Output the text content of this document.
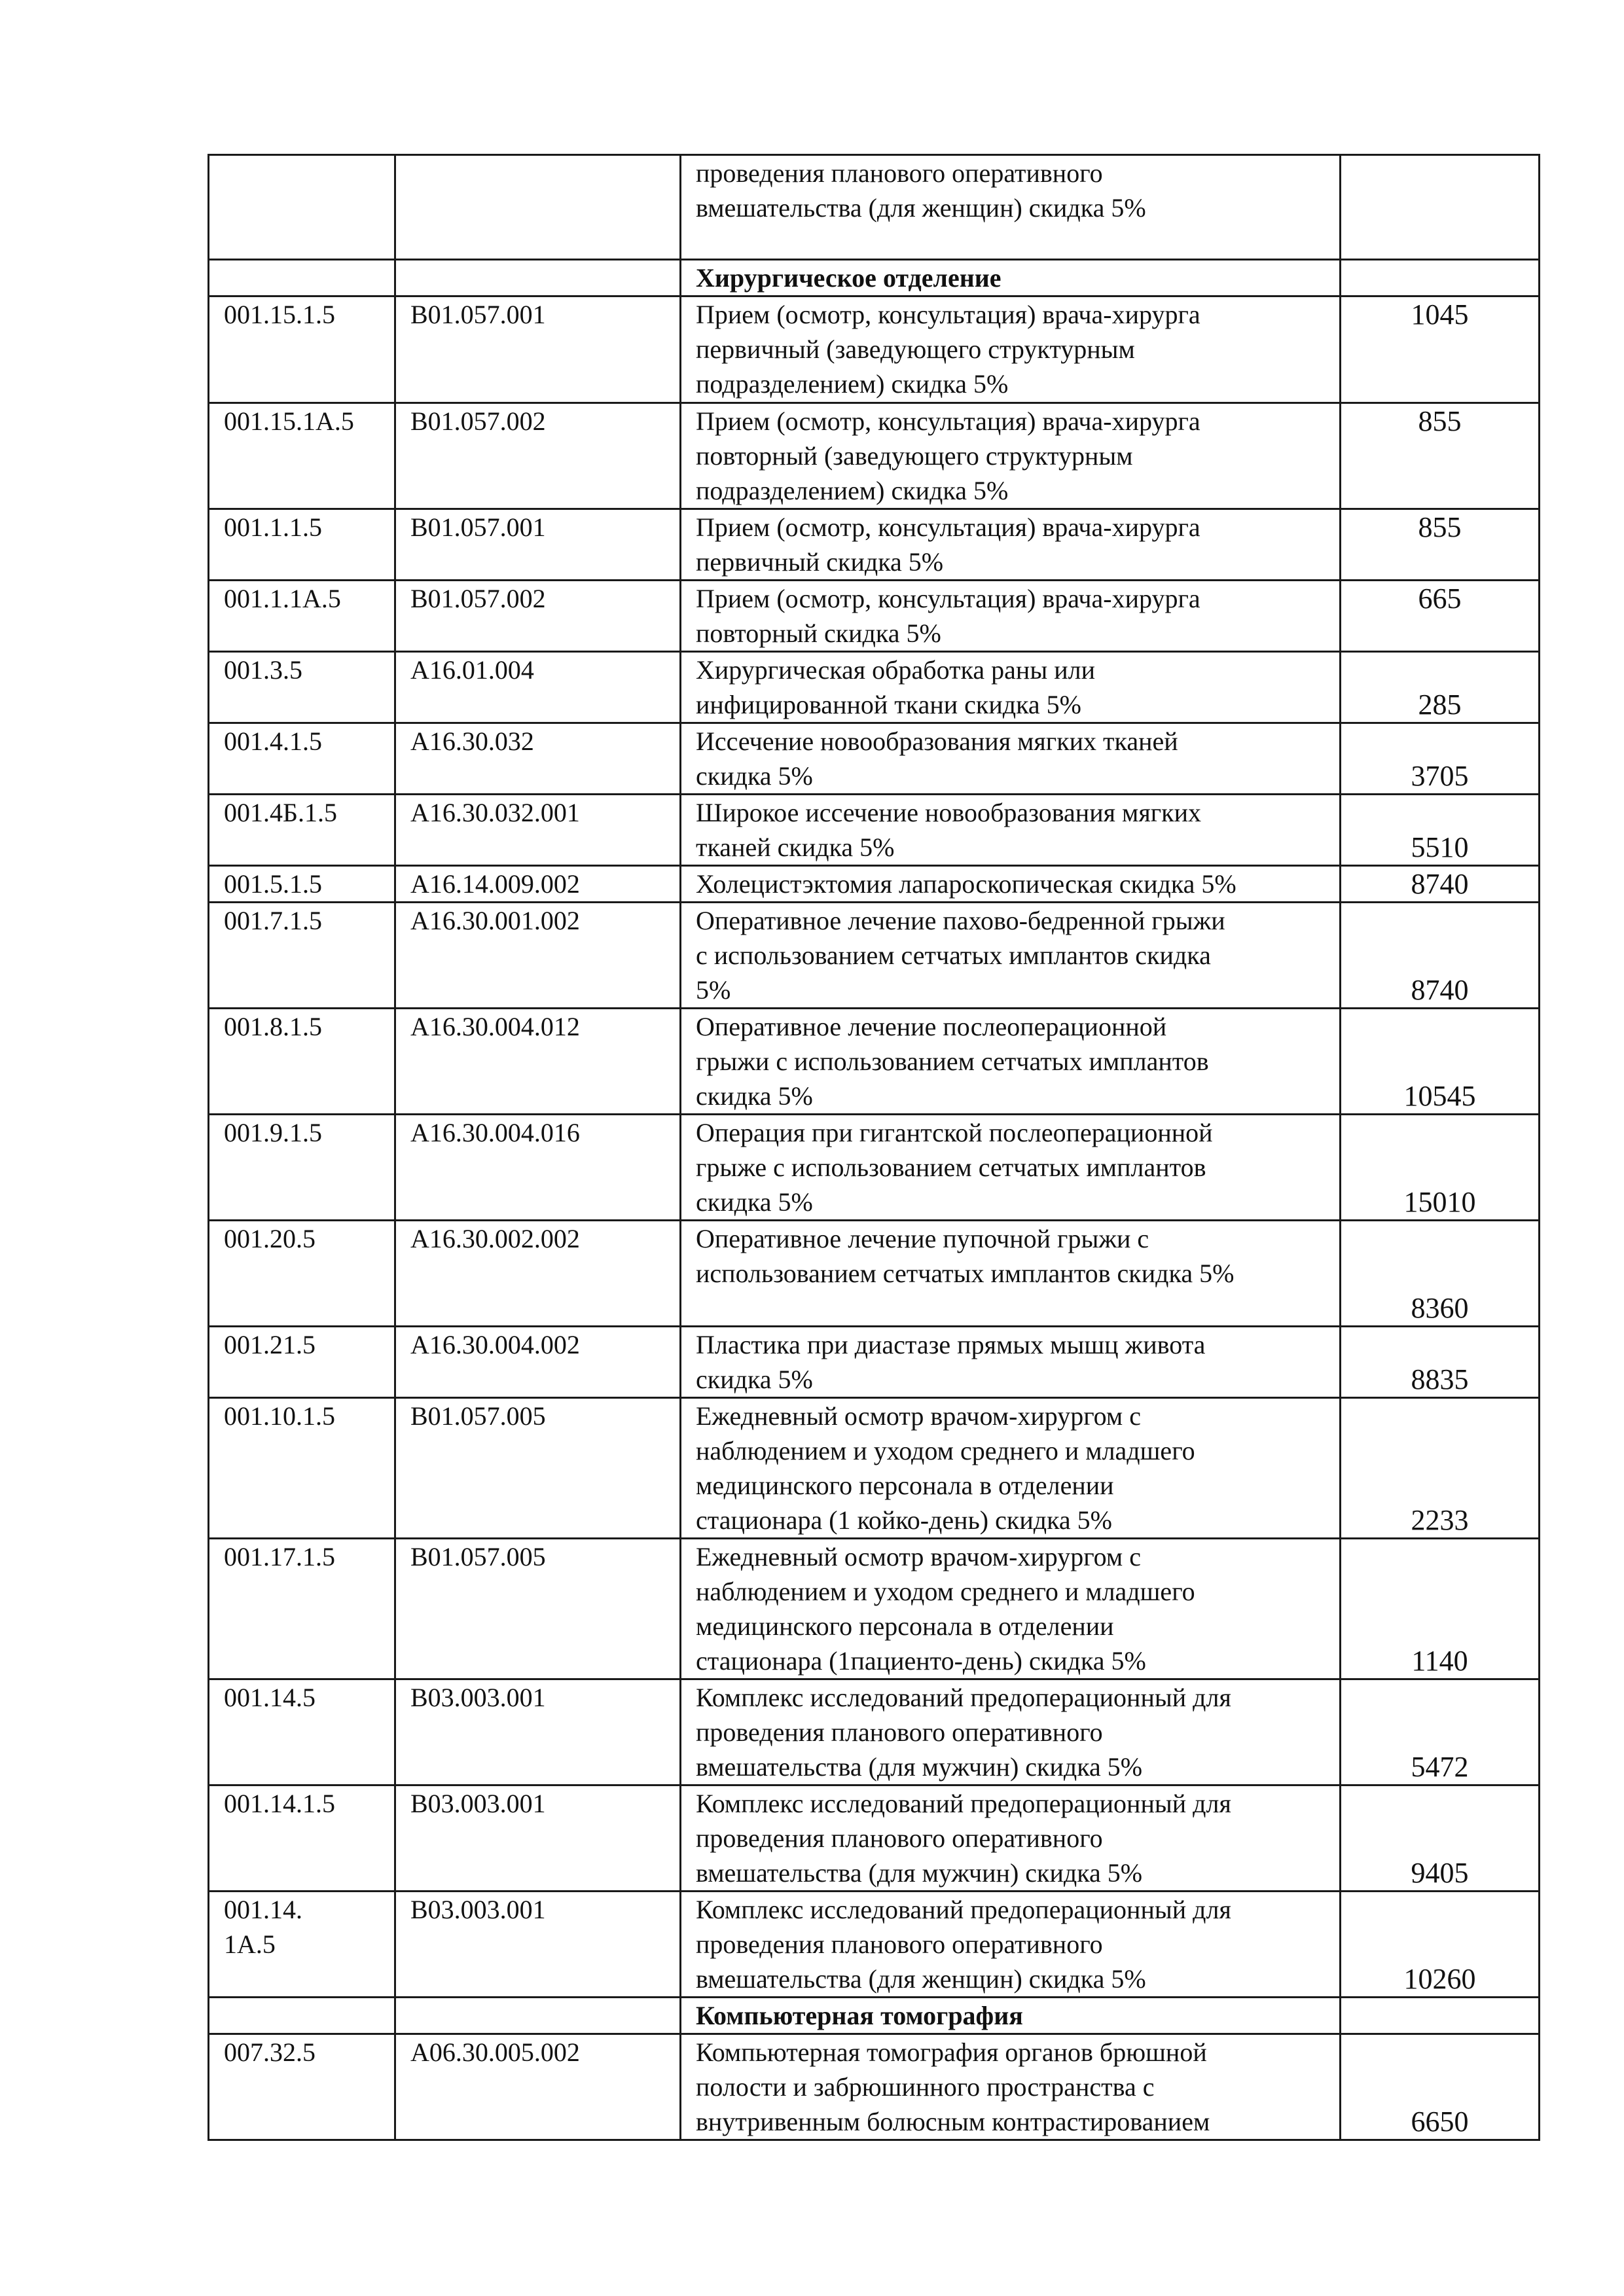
		проведения планового оперативного
вмешательства (для женщин) скидка 5%	
		Хирургическое отделение	
001.15.1.5	B01.057.001	Прием (осмотр, консультация) врача-хирурга
первичный (заведующего структурным
подразделением) скидка 5%	1045
001.15.1А.5	B01.057.002	Прием (осмотр, консультация) врача-хирурга
повторный (заведующего структурным
подразделением) скидка 5%	855
001.1.1.5	B01.057.001	Прием (осмотр, консультация) врача-хирурга
первичный скидка 5%	855
001.1.1А.5	B01.057.002	Прием (осмотр, консультация) врача-хирурга
повторный скидка 5%	665
001.3.5	A16.01.004	Хирургическая обработка раны или
инфицированной ткани скидка 5%	285
001.4.1.5	A16.30.032	Иссечение новообразования мягких тканей
скидка 5%	3705
001.4Б.1.5	A16.30.032.001	Широкое иссечение новообразования мягких
тканей скидка 5%	5510
001.5.1.5	A16.14.009.002	Холецистэктомия лапароскопическая скидка 5%	8740
001.7.1.5	A16.30.001.002	Оперативное лечение пахово-бедренной грыжи
с использованием сетчатых имплантов скидка
5%	8740
001.8.1.5	A16.30.004.012	Оперативное лечение послеоперационной
грыжи с использованием сетчатых имплантов
скидка 5%	10545
001.9.1.5	A16.30.004.016	Операция при гигантской послеоперационной
грыже с использованием сетчатых имплантов
скидка 5%	15010
001.20.5	A16.30.002.002	Оперативное лечение пупочной грыжи с
использованием сетчатых имплантов скидка 5%	8360
001.21.5	A16.30.004.002	Пластика при диастазе прямых мышц живота
скидка 5%	8835
001.10.1.5	B01.057.005	Ежедневный осмотр врачом-хирургом с
наблюдением и уходом среднего и младшего
медицинского персонала в отделении
стационара (1 койко-день) скидка 5%	2233
001.17.1.5	B01.057.005	Ежедневный осмотр врачом-хирургом с
наблюдением и уходом среднего и младшего
медицинского персонала в отделении
стационара (1пациенто-день) скидка 5%	1140
001.14.5	B03.003.001	Комплекс исследований предоперационный для
проведения планового оперативного
вмешательства (для мужчин) скидка 5%	5472
001.14.1.5	B03.003.001	Комплекс исследований предоперационный для
проведения планового оперативного
вмешательства (для мужчин) скидка 5%	9405
001.14.
1А.5	B03.003.001	Комплекс исследований предоперационный для
проведения планового оперативного
вмешательства (для женщин) скидка 5%	10260
		Компьютерная томография	
007.32.5	A06.30.005.002	Компьютерная томография органов брюшной
полости и забрюшинного пространства с
внутривенным болюсным контрастированием	6650
